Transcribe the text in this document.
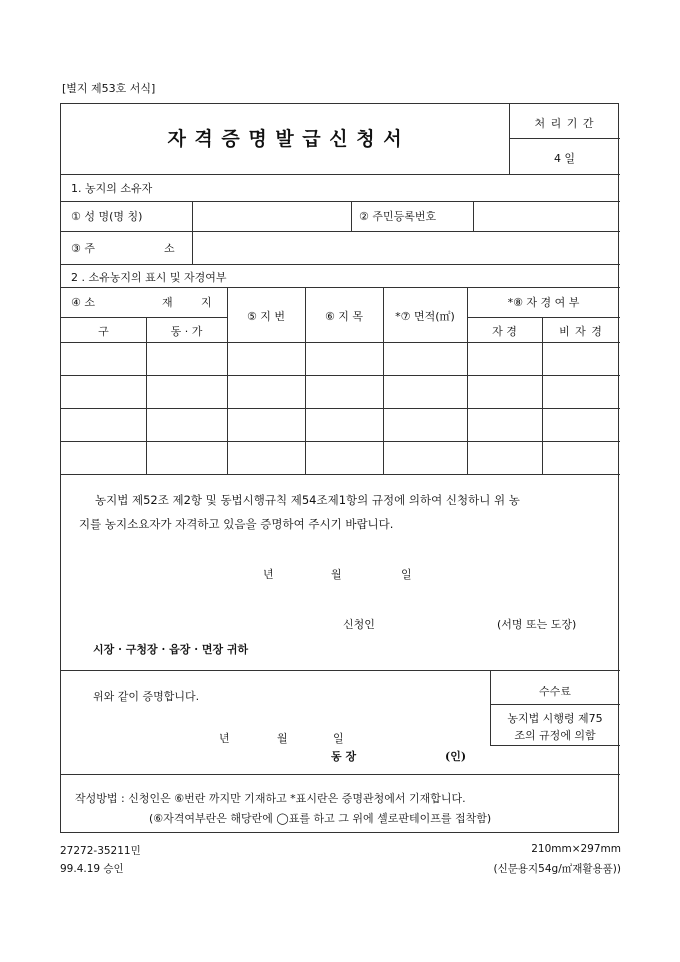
[별지 제53호 서식]
자 격 증 명 발 급 신 청 서
처 리 기 간
4 일
1. 농지의 소유자
① 성 명(명 칭)	② 주민등록번호
③ 주	소
2 . 소유농지의 표시 및 자경여부
④ 소	재	지
⑤ 지 번	⑥ 지 목	*⑦ 면적(㎡)
*⑧ 자 경 여 부
구	동 · 가	자 경	비 자 경
농지법 제52조 제2항 및 동법시행규칙 제54조제1항의 규정에 의하여 신청하니 위 농
지를 농지소요자가 자격하고 있음을 증명하여 주시기 바랍니다.
년	월	일
신청인	(서명 또는 도장)
시장 · 구청장 · 읍장 · 면장 귀하
위와 같이 증명합니다.
년	월	일
동 장	(인)
수수료
농지법 시행령 제75
조의 규정에 의함
작성방법 : 신청인은 ⑥번란 까지만 기재하고 *표시란은 증명관청에서 기재합니다.
(⑥자격여부란은 해당란에 ◯표를 하고 그 위에 셀로판테이프를 접착함)
27272-35211민
99.4.19 승인
210mm×297mm
(신문용지54g/㎡재활용품))
